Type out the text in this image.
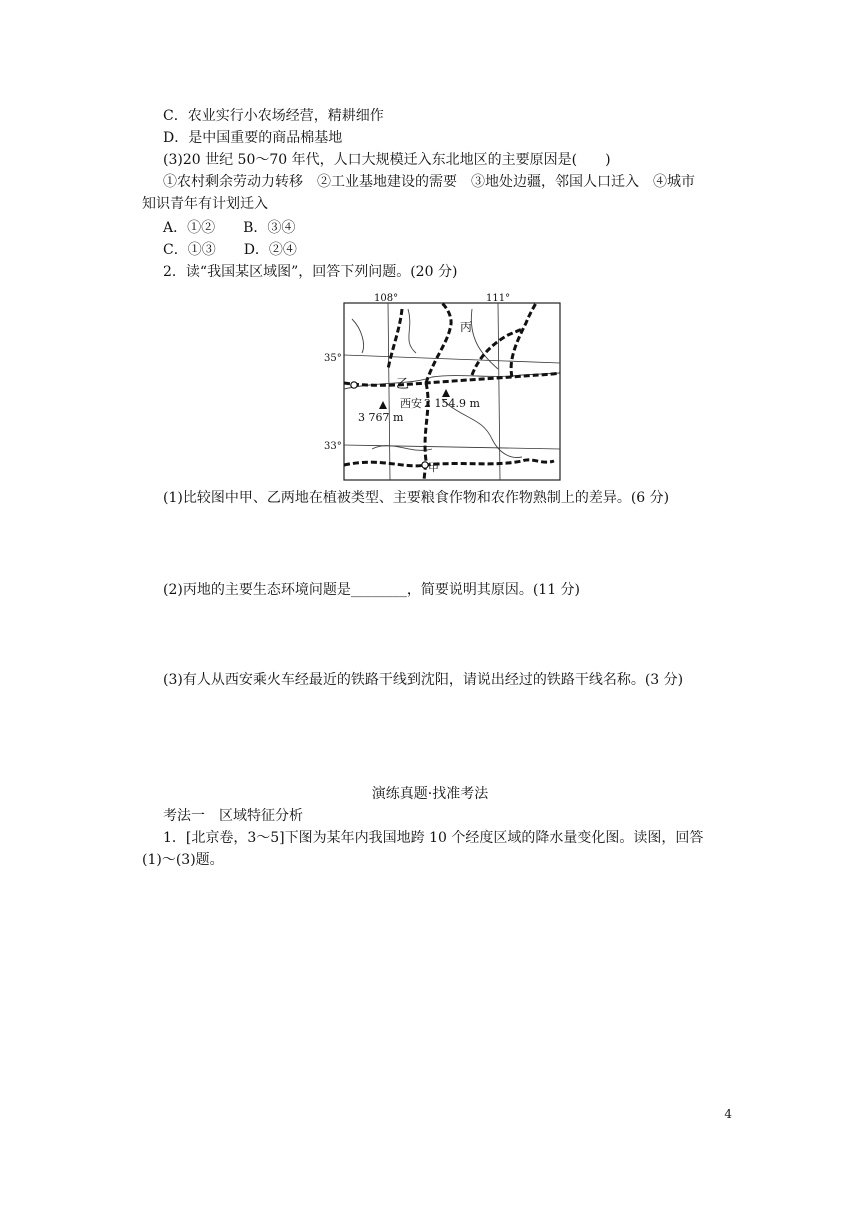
C．农业实行小农场经营，精耕细作
D．是中国重要的商品棉基地
(3)20 世纪 50～70 年代，人口大规模迁入东北地区的主要原因是(　　)
①农村剩余劳动力转移　②工业基地建设的需要　③地处边疆，邻国人口迁入　④城市
知识青年有计划迁入
A．①②　　B．③④
C．①③　　D．②④
2．读“我国某区域图”，回答下列问题。(20 分)
108°	111°
35°
33°
丙
乙
西安
甲
3 767 m
2 154.9 m
(1)比较图中甲、乙两地在植被类型、主要粮食作物和农作物熟制上的差异。(6 分)
(2)丙地的主要生态环境问题是________，简要说明其原因。(11 分)
(3)有人从西安乘火车经最近的铁路干线到沈阳，请说出经过的铁路干线名称。(3 分)
演练真题·找准考法
考法一　区域特征分析
1．[北京卷，3～5]下图为某年内我国地跨 10 个经度区域的降水量变化图。读图，回答
(1)～(3)题。
4
